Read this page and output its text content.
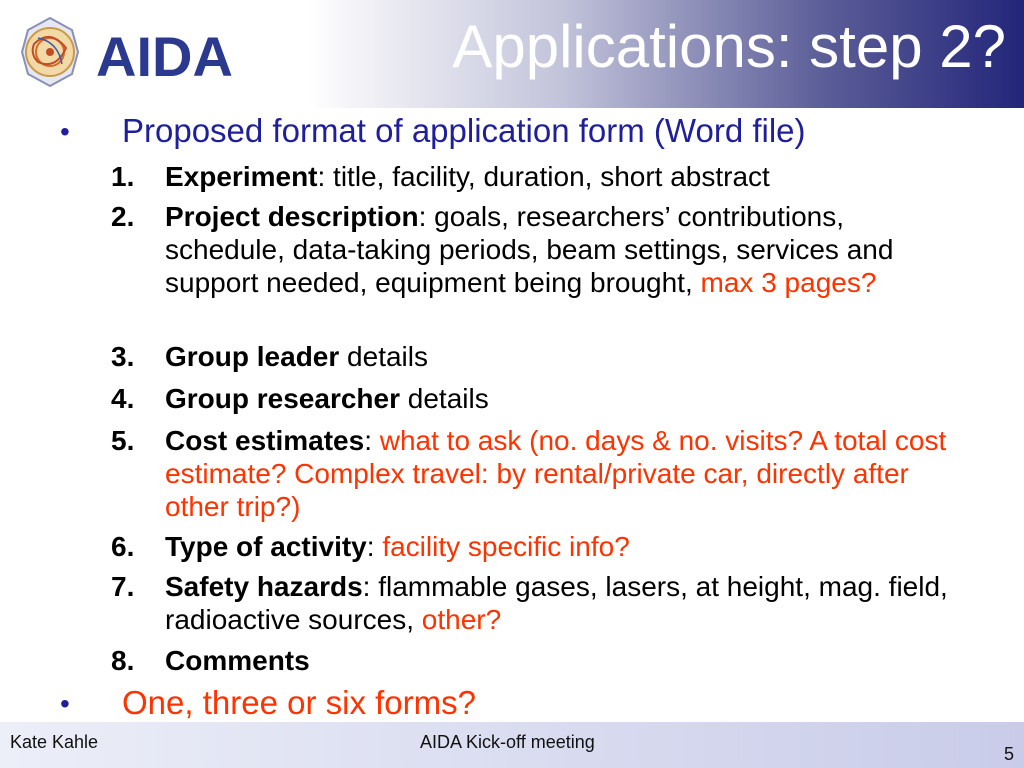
AIDA	Applications: step 2?
• Proposed format of application form (Word file)
1.	Experiment: title, facility, duration, short abstract
2.	Project description: goals, researchers’ contributions, schedule, data-taking periods, beam settings, services and support needed, equipment being brought, max 3 pages?
3.	Group leader details
4.	Group researcher details
5.	Cost estimates: what to ask (no. days & no. visits? A total cost estimate? Complex travel: by rental/private car, directly after other trip?)
6.	Type of activity: facility specific info?
7.	Safety hazards: flammable gases, lasers, at height, mag. field, radioactive sources, other?
8.	Comments
• One, three or six forms?
Kate Kahle	AIDA Kick-off meeting
5
